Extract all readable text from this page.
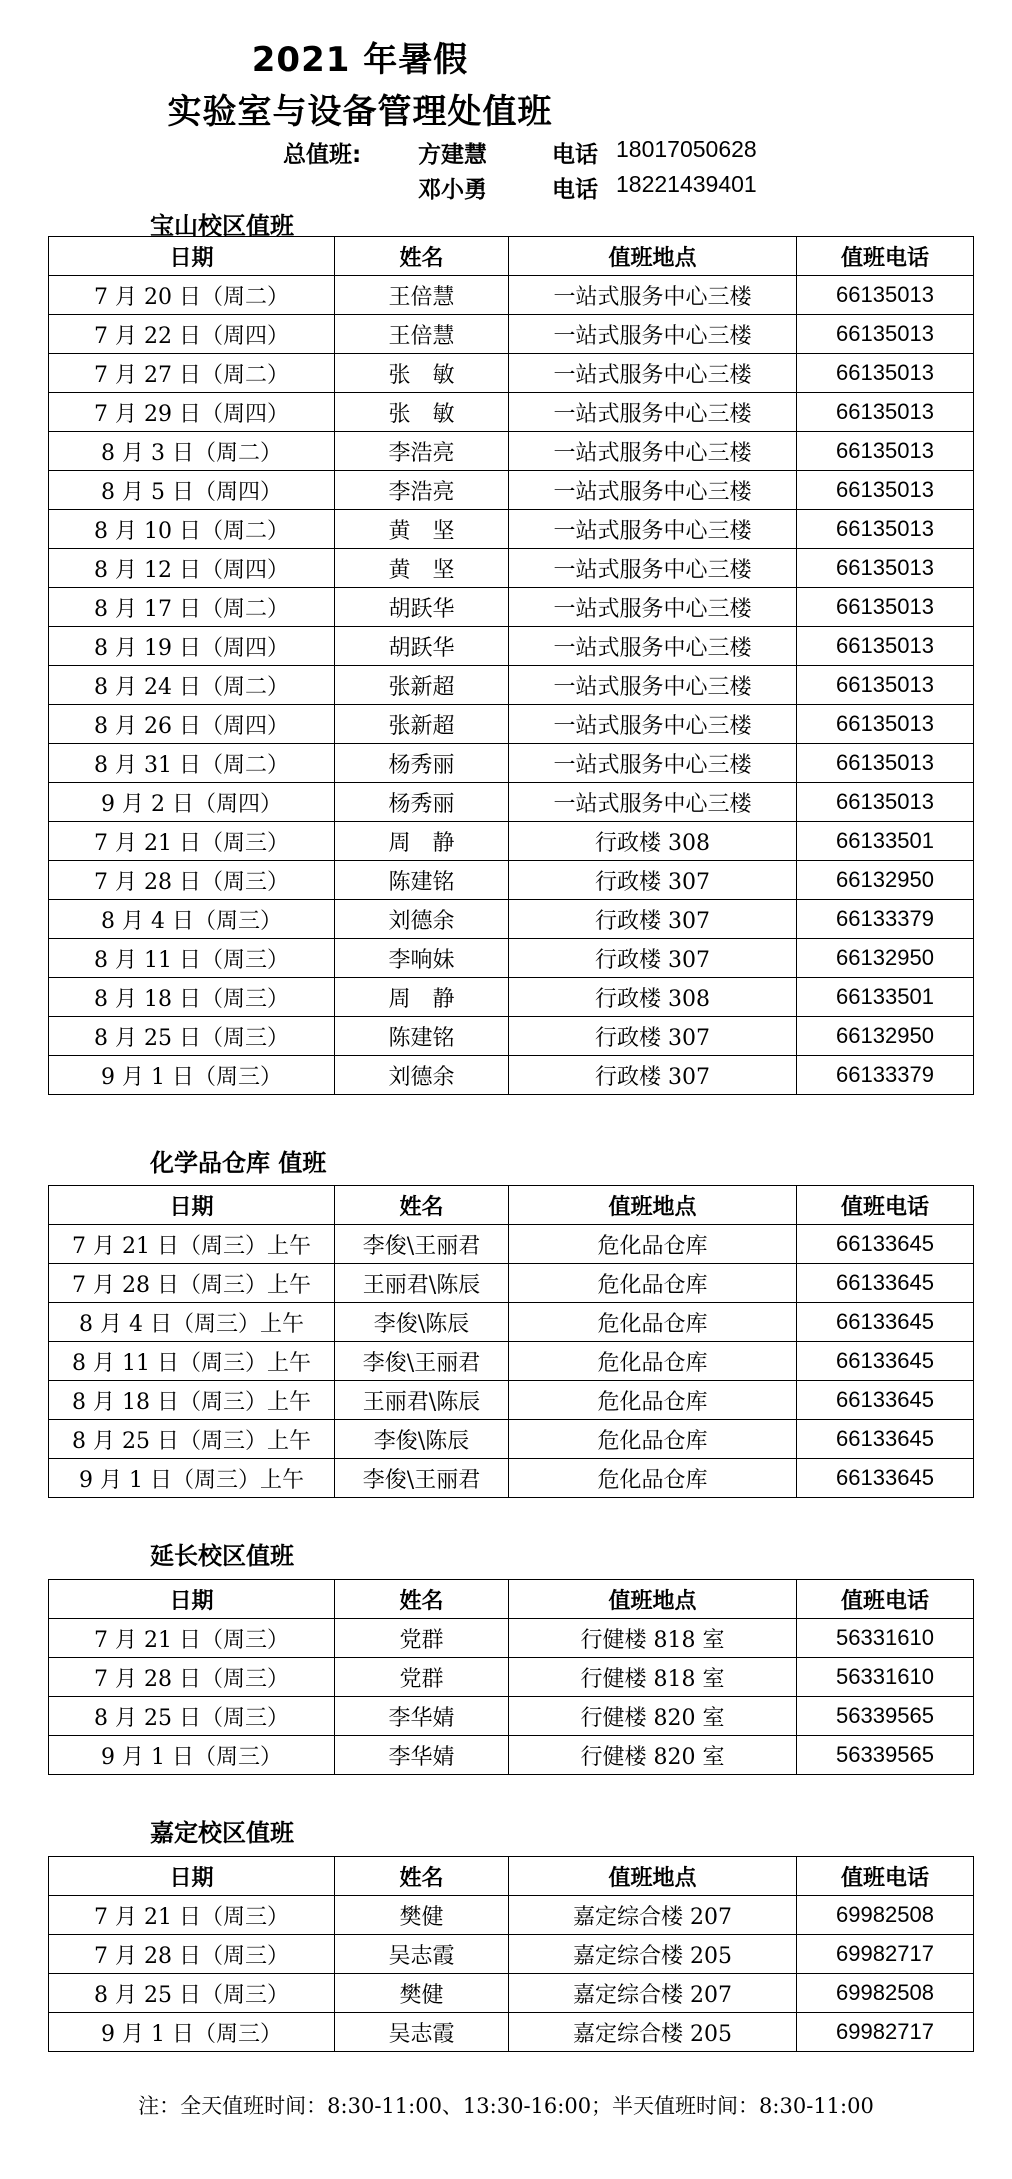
2021 年暑假
实验室与设备管理处值班
总值班: 方建慧	电话 18017050628
邓小勇	电话 18221439401
宝山校区值班
日期	姓名	值班地点	值班电话
7 月 20 日（周二）	王倍慧	一站式服务中心三楼	66135013
7 月 22 日（周四）	王倍慧	一站式服务中心三楼	66135013
7 月 27 日（周二）	张　敏	一站式服务中心三楼	66135013
7 月 29 日（周四）	张　敏	一站式服务中心三楼	66135013
8 月 3 日（周二）	李浩亮	一站式服务中心三楼	66135013
8 月 5 日（周四）	李浩亮	一站式服务中心三楼	66135013
8 月 10 日（周二）	黄　坚	一站式服务中心三楼	66135013
8 月 12 日（周四）	黄　坚	一站式服务中心三楼	66135013
8 月 17 日（周二）	胡跃华	一站式服务中心三楼	66135013
8 月 19 日（周四）	胡跃华	一站式服务中心三楼	66135013
8 月 24 日（周二）	张新超	一站式服务中心三楼	66135013
8 月 26 日（周四）	张新超	一站式服务中心三楼	66135013
8 月 31 日（周二）	杨秀丽	一站式服务中心三楼	66135013
9 月 2 日（周四）	杨秀丽	一站式服务中心三楼	66135013
7 月 21 日（周三）	周　静	行政楼 308	66133501
7 月 28 日（周三）	陈建铭	行政楼 307	66132950
8 月 4 日（周三）	刘德余	行政楼 307	66133379
8 月 11 日（周三）	李响妹	行政楼 307	66132950
8 月 18 日（周三）	周　静	行政楼 308	66133501
8 月 25 日（周三）	陈建铭	行政楼 307	66132950
9 月 1 日（周三）	刘德余	行政楼 307	66133379
化学品仓库 值班
日期	姓名	值班地点	值班电话
7 月 21 日（周三）上午	李俊\王丽君	危化品仓库	66133645
7 月 28 日（周三）上午	王丽君\陈辰	危化品仓库	66133645
8 月 4 日（周三）上午	李俊\陈辰	危化品仓库	66133645
8 月 11 日（周三）上午	李俊\王丽君	危化品仓库	66133645
8 月 18 日（周三）上午	王丽君\陈辰	危化品仓库	66133645
8 月 25 日（周三）上午	李俊\陈辰	危化品仓库	66133645
9 月 1 日（周三）上午	李俊\王丽君	危化品仓库	66133645
延长校区值班
日期	姓名	值班地点	值班电话
7 月 21 日（周三）	党群	行健楼 818 室	56331610
7 月 28 日（周三）	党群	行健楼 818 室	56331610
8 月 25 日（周三）	李华婧	行健楼 820 室	56339565
9 月 1 日（周三）	李华婧	行健楼 820 室	56339565
嘉定校区值班
日期	姓名	值班地点	值班电话
7 月 21 日（周三）	樊健	嘉定综合楼 207	69982508
7 月 28 日（周三）	吴志霞	嘉定综合楼 205	69982717
8 月 25 日（周三）	樊健	嘉定综合楼 207	69982508
9 月 1 日（周三）	吴志霞	嘉定综合楼 205	69982717
注：全天值班时间：8:30-11:00、13:30-16:00；半天值班时间：8:30-11:00
